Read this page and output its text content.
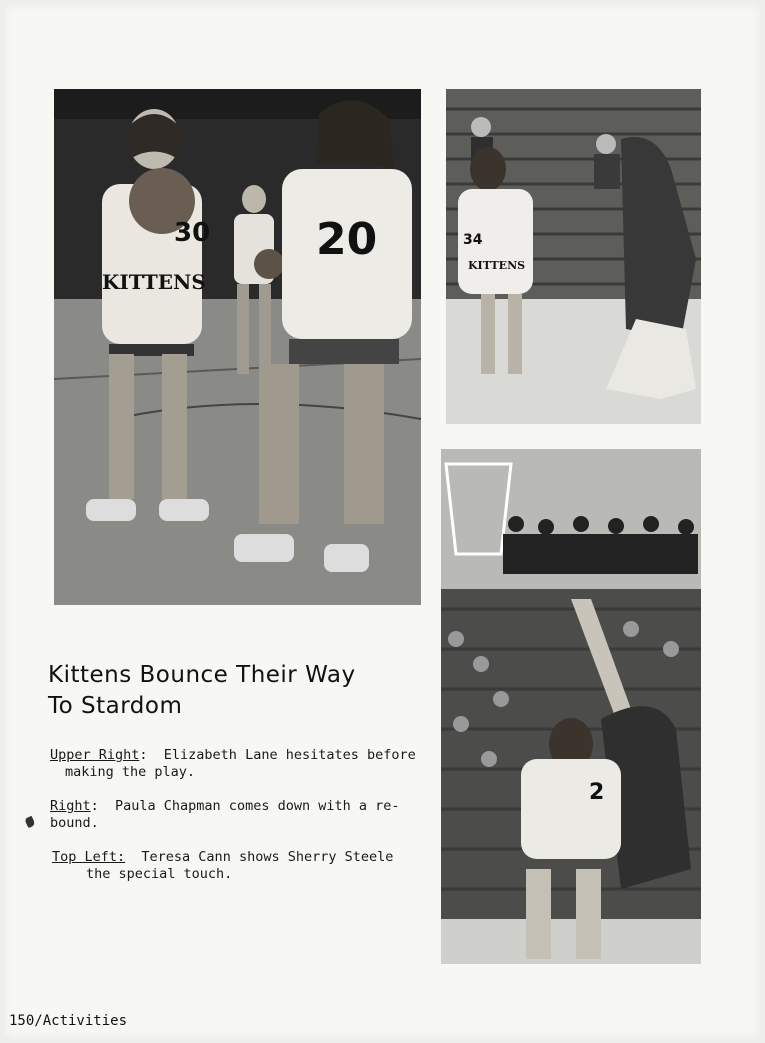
30
KITTENS
20	34
KITTENS
2
Kittens Bounce Their Way
To Stardom
Upper Right:  Elizabeth Lane hesitates before
making the play.
Right:  Paula Chapman comes down with a re-
bound.
Top Left:  Teresa Cann shows Sherry Steele
the special touch.
150/Activities
